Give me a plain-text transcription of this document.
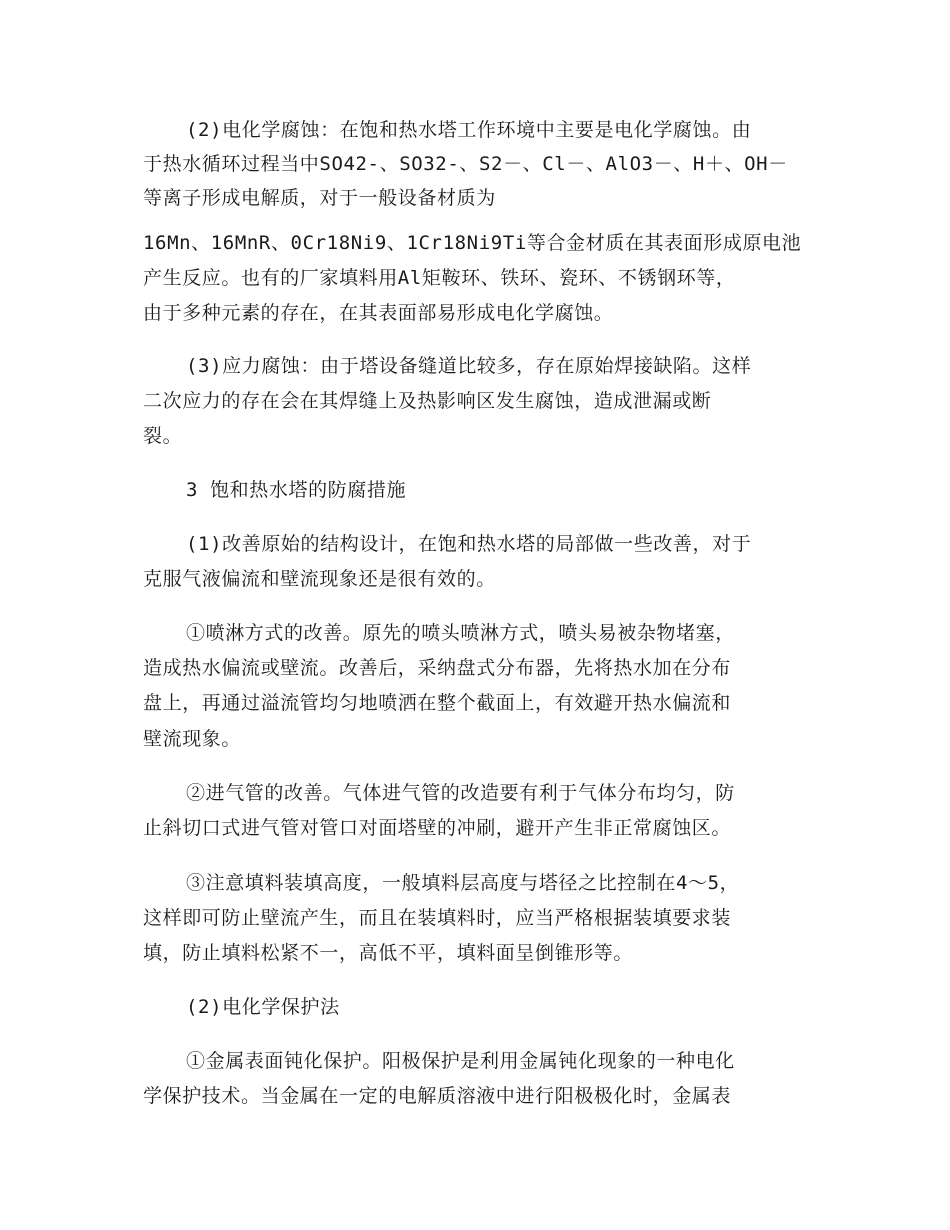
(2)电化学腐蚀：在饱和热水塔工作环境中主要是电化学腐蚀。由
于热水循环过程当中SO42-、SO32-、S2－、Cl－、AlO3－、H＋、OH－
等离子形成电解质，对于一般设备材质为
16Mn、16MnR、0Cr18Ni9、1Cr18Ni9Ti等合金材质在其表面形成原电池
产生反应。也有的厂家填料用Al矩鞍环、铁环、瓷环、不锈钢环等，
由于多种元素的存在，在其表面部易形成电化学腐蚀。
(3)应力腐蚀：由于塔设备缝道比较多，存在原始焊接缺陷。这样
二次应力的存在会在其焊缝上及热影响区发生腐蚀，造成泄漏或断
裂。
3 饱和热水塔的防腐措施
(1)改善原始的结构设计，在饱和热水塔的局部做一些改善，对于
克服气液偏流和壁流现象还是很有效的。
①喷淋方式的改善。原先的喷头喷淋方式，喷头易被杂物堵塞，
造成热水偏流或壁流。改善后，采纳盘式分布器，先将热水加在分布
盘上，再通过溢流管均匀地喷洒在整个截面上，有效避开热水偏流和
壁流现象。
②进气管的改善。气体进气管的改造要有利于气体分布均匀，防
止斜切口式进气管对管口对面塔壁的冲刷，避开产生非正常腐蚀区。
③注意填料装填高度，一般填料层高度与塔径之比控制在4～5，
这样即可防止壁流产生，而且在装填料时，应当严格根据装填要求装
填，防止填料松紧不一，高低不平，填料面呈倒锥形等。
(2)电化学保护法
①金属表面钝化保护。阳极保护是利用金属钝化现象的一种电化
学保护技术。当金属在一定的电解质溶液中进行阳极极化时，金属表
